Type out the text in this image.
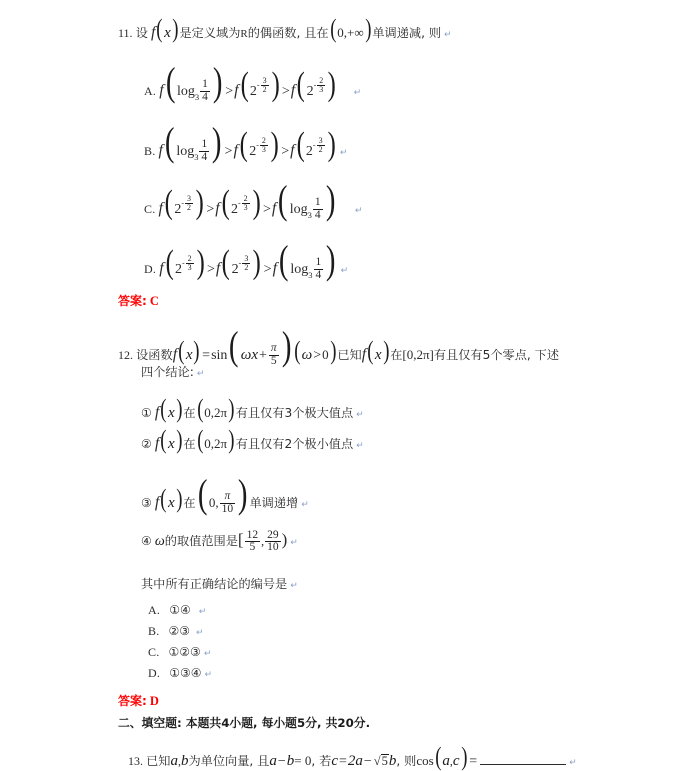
11. 设 f(x)是定义域为R的偶函数, 且在(0,+∞)单调递减, 则 ↵
A. f( $\log 3 \frac{1}{4}$ ) >f( $2- \frac{3}{2}$ ) >f( $2- \frac{2}{3}$ ) ↵
B. f( $\log 3 \frac{1}{4}$ ) >f( $2- \frac{2}{3}$ ) >f( $2- \frac{3}{2}$ ) ↵
C. f( $2- \frac{3}{2}$ ) >f( $2- \frac{2}{3}$ ) >f( $\log 3 \frac{1}{4}$ ) ↵
D. f( $2- \frac{2}{3}$ ) >f( $2- \frac{3}{2}$ ) >f( $\log 3 \frac{1}{4}$ ) ↵
答案: C
12. 设函数f(x) =sin( $\omega x+ \frac{\pi}{5}$ ) (ω>0)已知f(x)在[0,2π]有且仅有5个零点, 下述
四个结论: ↵
① f(x)在(0,2π)有且仅有3个极大值点 ↵
② f(x)在(0,2π)有且仅有2个极小值点 ↵
③ f(x)在( 0, $\frac{\pi}{10}$ ) 单调递增 ↵
④ ω的取值范围是[ $\frac{12}{5}$ , $\frac{29}{10}$ ) ↵
其中所有正确结论的编号是 ↵
A. ①④ ↵
B. ②③ ↵
C. ①②③ ↵
D. ①③④ ↵
答案: D
二、填空题: 本题共4小题, 每小题5分, 共20分.
13. 已知a,b为单位向量, 且a−b= 0, 若c=2a− √5b, 则cos(a,c) =	↵
